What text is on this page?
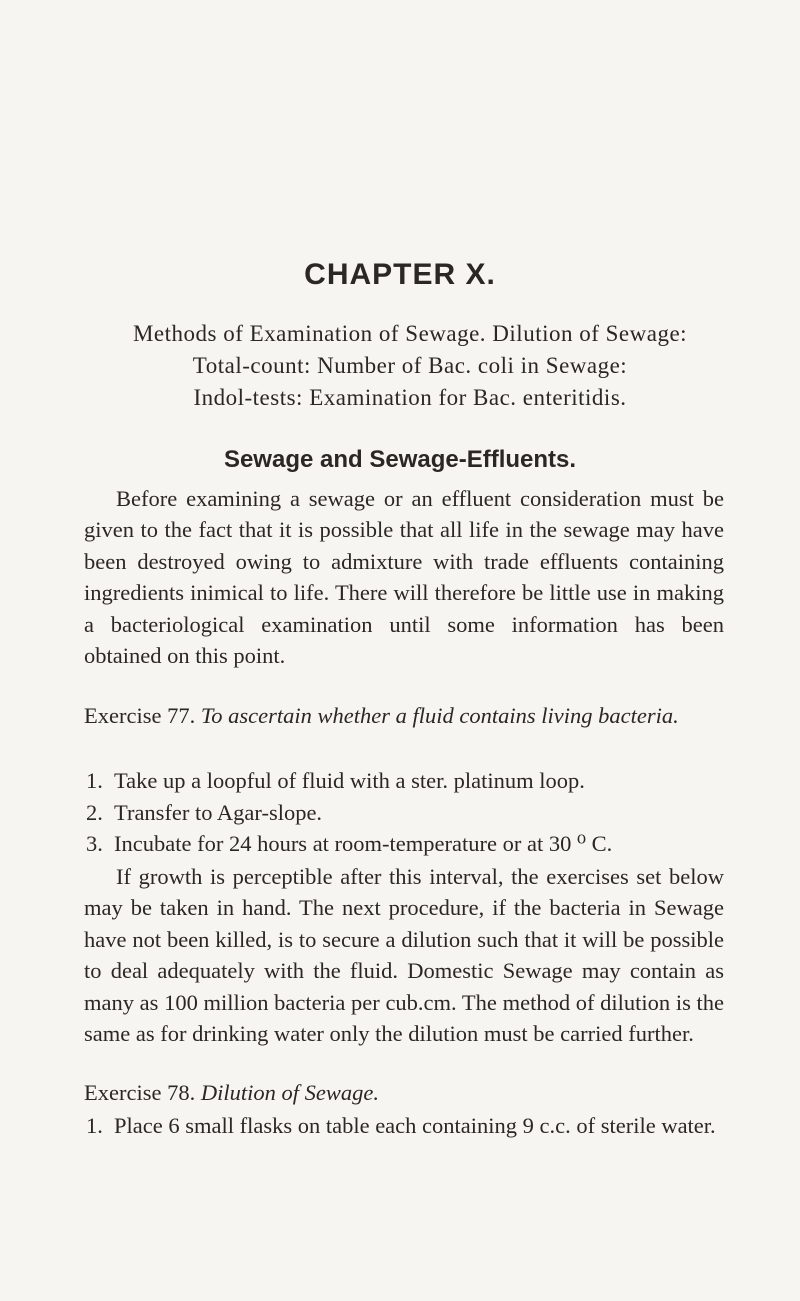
CHAPTER X.
Methods of Examination of Sewage. Dilution of Sewage:
Total-count: Number of Bac. coli in Sewage:
Indol-tests: Examination for Bac. enteritidis.
Sewage and Sewage-Effluents.
Before examining a sewage or an effluent consideration must be given to the fact that it is possible that all life in the sewage may have been destroyed owing to admixture with trade effluents containing ingredients inimical to life. There will therefore be little use in making a bacteriological examination until some information has been obtained on this point.
Exercise 77. To ascertain whether a fluid contains living bacteria.
1. Take up a loopful of fluid with a ster. platinum loop.
2. Transfer to Agar-slope.
3. Incubate for 24 hours at room-temperature or at 30 ⁰ C.
If growth is perceptible after this interval, the exercises set below may be taken in hand. The next procedure, if the bacteria in Sewage have not been killed, is to secure a dilution such that it will be possible to deal adequately with the fluid. Domestic Sewage may contain as many as 100 million bacteria per cub.cm. The method of dilution is the same as for drinking water only the dilution must be carried further.
Exercise 78. Dilution of Sewage.
1. Place 6 small flasks on table each containing 9 c.c. of sterile water.
